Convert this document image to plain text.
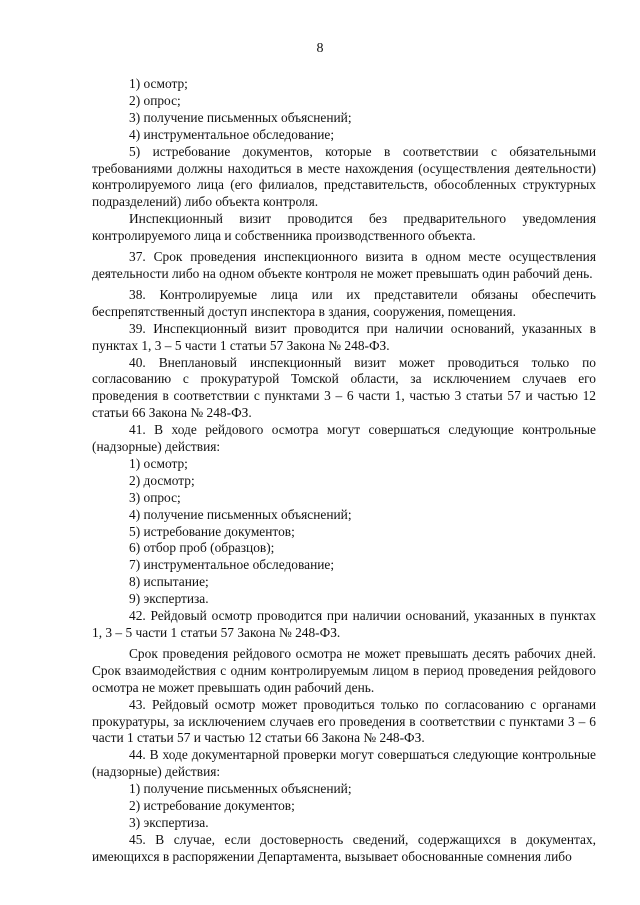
8

1) осмотр;

2) опрос;

3) получение письменных объяснений;

4) инструментальное обследование;

5) истребование документов, которые в соответствии с обязательными требованиями должны находиться в месте нахождения (осуществления деятельности) контролируемого лица (его филиалов, представительств, обособленных структурных подразделений) либо объекта контроля.

Инспекционный визит проводится без предварительного уведомления контролируемого лица и собственника производственного объекта.

37. Срок проведения инспекционного визита в одном месте осуществления деятельности либо на одном объекте контроля не может превышать один рабочий день.

38. Контролируемые лица или их представители обязаны обеспечить беспрепятственный доступ инспектора в здания, сооружения, помещения.

39. Инспекционный визит проводится при наличии оснований, указанных в пунктах 1, 3 – 5 части 1 статьи 57 Закона № 248-ФЗ.

40. Внеплановый инспекционный визит может проводиться только по согласованию с прокуратурой Томской области, за исключением случаев его проведения в соответствии с пунктами 3 – 6 части 1, частью 3 статьи 57 и частью 12 статьи 66 Закона № 248-ФЗ.

41. В ходе рейдового осмотра могут совершаться следующие контрольные (надзорные) действия:

1) осмотр;

2) досмотр;

3) опрос;

4) получение письменных объяснений;

5) истребование документов;

6) отбор проб (образцов);

7) инструментальное обследование;

8) испытание;

9) экспертиза.

42. Рейдовый осмотр проводится при наличии оснований, указанных в пунктах 1, 3 – 5 части 1 статьи 57 Закона № 248-ФЗ.

Срок проведения рейдового осмотра не может превышать десять рабочих дней. Срок взаимодействия с одним контролируемым лицом в период проведения рейдового осмотра не может превышать один рабочий день.

43. Рейдовый осмотр может проводиться только по согласованию с органами прокуратуры, за исключением случаев его проведения в соответствии с пунктами 3 – 6 части 1 статьи 57 и частью 12 статьи 66 Закона № 248-ФЗ.

44. В ходе документарной проверки могут совершаться следующие контрольные (надзорные) действия:

1) получение письменных объяснений;

2) истребование документов;

3) экспертиза.

45. В случае, если достоверность сведений, содержащихся в документах, имеющихся в распоряжении Департамента, вызывает обоснованные сомнения либо
